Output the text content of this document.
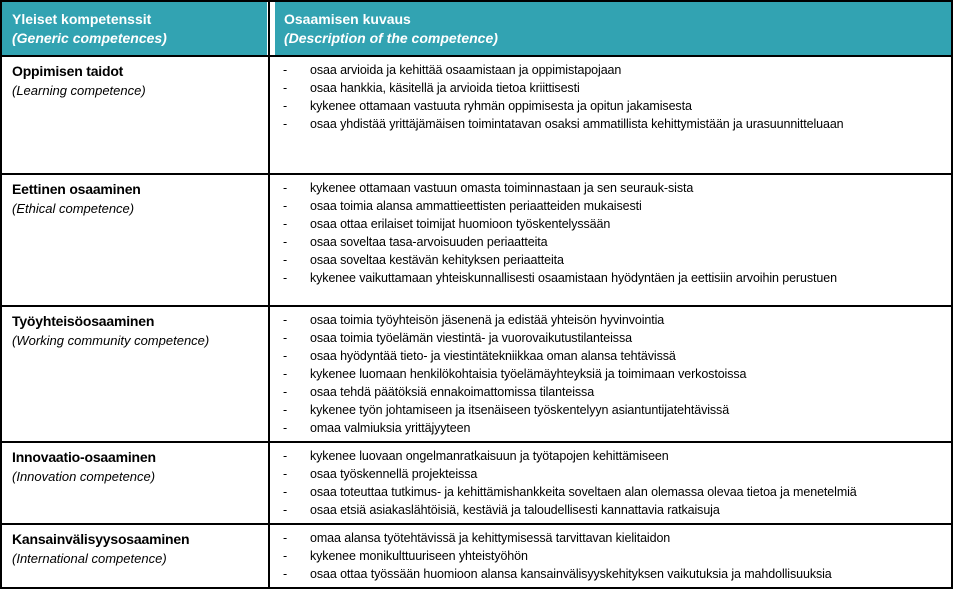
Yleiset kompetenssit
(Generic competences)
Osaamisen kuvaus
(Description of the competence)
Oppimisen taidot
(Learning competence)
- osaa arvioida ja kehittää osaamistaan ja oppimistapojaan
- osaa hankkia, käsitellä ja arvioida tietoa kriittisesti
- kykenee ottamaan vastuuta ryhmän oppimisesta ja opitun jakamisesta
- osaa yhdistää yrittäjämäisen toimintatavan osaksi ammatillista kehittymistään ja urasuunnitteluaan
Eettinen osaaminen
(Ethical competence)
- kykenee ottamaan vastuun omasta toiminnastaan ja sen seurauk-sista
- osaa toimia alansa ammattieettisten periaatteiden mukaisesti
- osaa ottaa erilaiset toimijat huomioon työskentelyssään
- osaa soveltaa tasa-arvoisuuden periaatteita
- osaa soveltaa kestävän kehityksen periaatteita
- kykenee vaikuttamaan yhteiskunnallisesti osaamistaan hyödyntäen ja eettisiin arvoihin perustuen
Työyhteisöosaaminen
(Working community competence)
- osaa toimia työyhteisön jäsenenä ja edistää yhteisön hyvinvointia
- osaa toimia työelämän viestintä- ja vuorovaikutustilanteissa
- osaa hyödyntää tieto- ja viestintätekniikkaa oman alansa tehtävissä
- kykenee luomaan henkilökohtaisia työelämäyhteyksiä ja toimimaan verkostoissa
- osaa tehdä päätöksiä ennakoimattomissa tilanteissa
- kykenee työn johtamiseen ja itsenäiseen työskentelyyn asiantuntijatehtävissä
- omaa valmiuksia yrittäjyyteen
Innovaatio-osaaminen
(Innovation competence)
- kykenee luovaan ongelmanratkaisuun ja työtapojen kehittämiseen
- osaa työskennellä projekteissa
- osaa toteuttaa tutkimus- ja kehittämishankkeita soveltaen alan olemassa olevaa tietoa ja menetelmiä
- osaa etsiä asiakaslähtöisiä, kestäviä ja taloudellisesti kannattavia ratkaisuja
Kansainvälisyysosaaminen
(International competence)
- omaa alansa työtehtävissä ja kehittymisessä tarvittavan kielitaidon
- kykenee monikulttuuriseen yhteistyöhön
- osaa ottaa työssään huomioon alansa kansainvälisyyskehityksen vaikutuksia ja mahdollisuuksia
